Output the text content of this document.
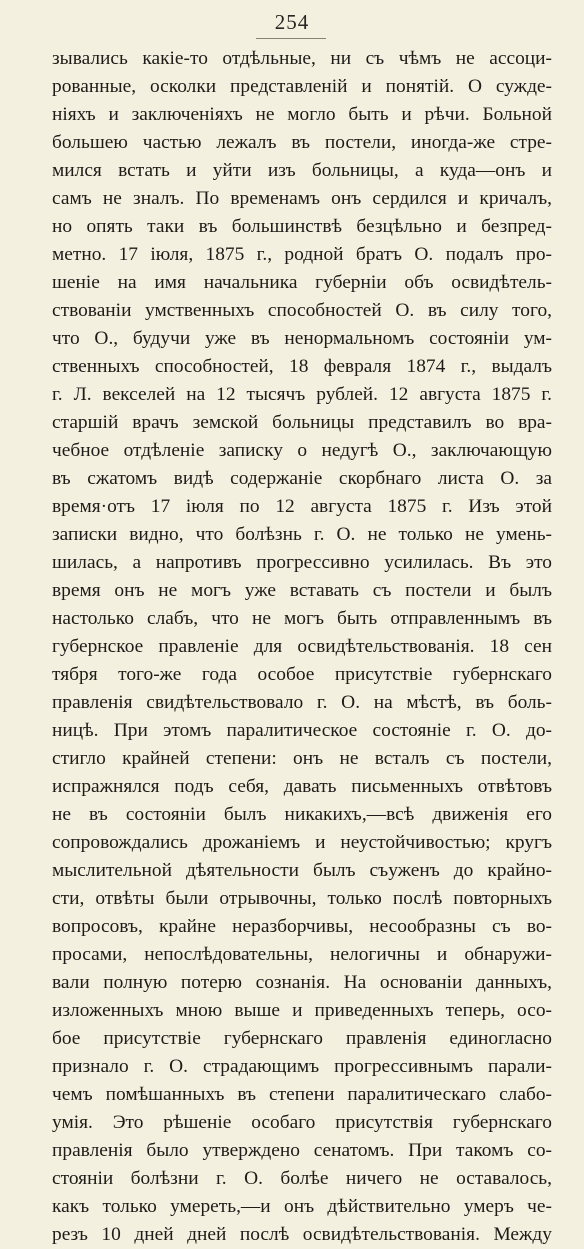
254
зывались какіе-то отдѣльные, ни съ чѣмъ не ассоци-
рованные, осколки представленій и понятій. О сужде-
ніяхъ и заключеніяхъ не могло быть и рѣчи. Больной
большею частью лежалъ въ постели, иногда-же стре-
мился встать и уйти изъ больницы, а куда—онъ и
самъ не зналъ. По временамъ онъ сердился и кричалъ,
но опять таки въ большинствѣ безцѣльно и безпред-
метно. 17 іюля, 1875 г., родной братъ О. подалъ про-
шеніе на имя начальника губерніи объ освидѣтель-
ствованіи умственныхъ способностей О. въ силу того,
что О., будучи уже въ ненормальномъ состояніи ум-
ственныхъ способностей, 18 февраля 1874 г., выдалъ
г. Л. векселей на 12 тысячъ рублей. 12 августа 1875 г.
старшій врачъ земской больницы представилъ во вра-
чебное отдѣленіе записку о недугѣ О., заключающую
въ сжатомъ видѣ содержаніе скорбнаго листа О. за
время·отъ 17 іюля по 12 августа 1875 г. Изъ этой
записки видно, что болѣзнь г. О. не только не умень-
шилась, а напротивъ прогрессивно усилилась. Въ это
время онъ не могъ уже вставать съ постели и былъ
настолько слабъ, что не могъ быть отправленнымъ въ
губернское правленіе для освидѣтельствованія. 18 сен
тября того-же года особое присутствіе губернскаго
правленія свидѣтельствовало г. О. на мѣстѣ, въ боль-
ницѣ. При этомъ паралитическое состояніе г. О. до-
стигло крайней степени: онъ не всталъ съ постели,
испражнялся подъ себя, давать письменныхъ отвѣтовъ
не въ состояніи былъ никакихъ,—всѣ движенія его
сопровождались дрожаніемъ и неустойчивостью; кругъ
мыслительной дѣятельности былъ съуженъ до крайно-
сти, отвѣты были отрывочны, только послѣ повторныхъ
вопросовъ, крайне неразборчивы, несообразны съ во-
просами, непослѣдовательны, нелогичны и обнаружи-
вали полную потерю сознанія. На основаніи данныхъ,
изложенныхъ мною выше и приведенныхъ теперь, осо-
бое присутствіе губернскаго правленія единогласно
признало г. О. страдающимъ прогрессивнымъ парали-
чемъ помѣшанныхъ въ степени паралитическаго слабо-
умія. Это рѣшеніе особаго присутствія губернскаго
правленія было утверждено сенатомъ. При такомъ со-
стояніи болѣзни г. О. болѣе ничего не оставалось,
какъ только умереть,—и онъ дѣйствительно умеръ че-
резъ 10 дней дней послѣ освидѣтельствованія. Между
